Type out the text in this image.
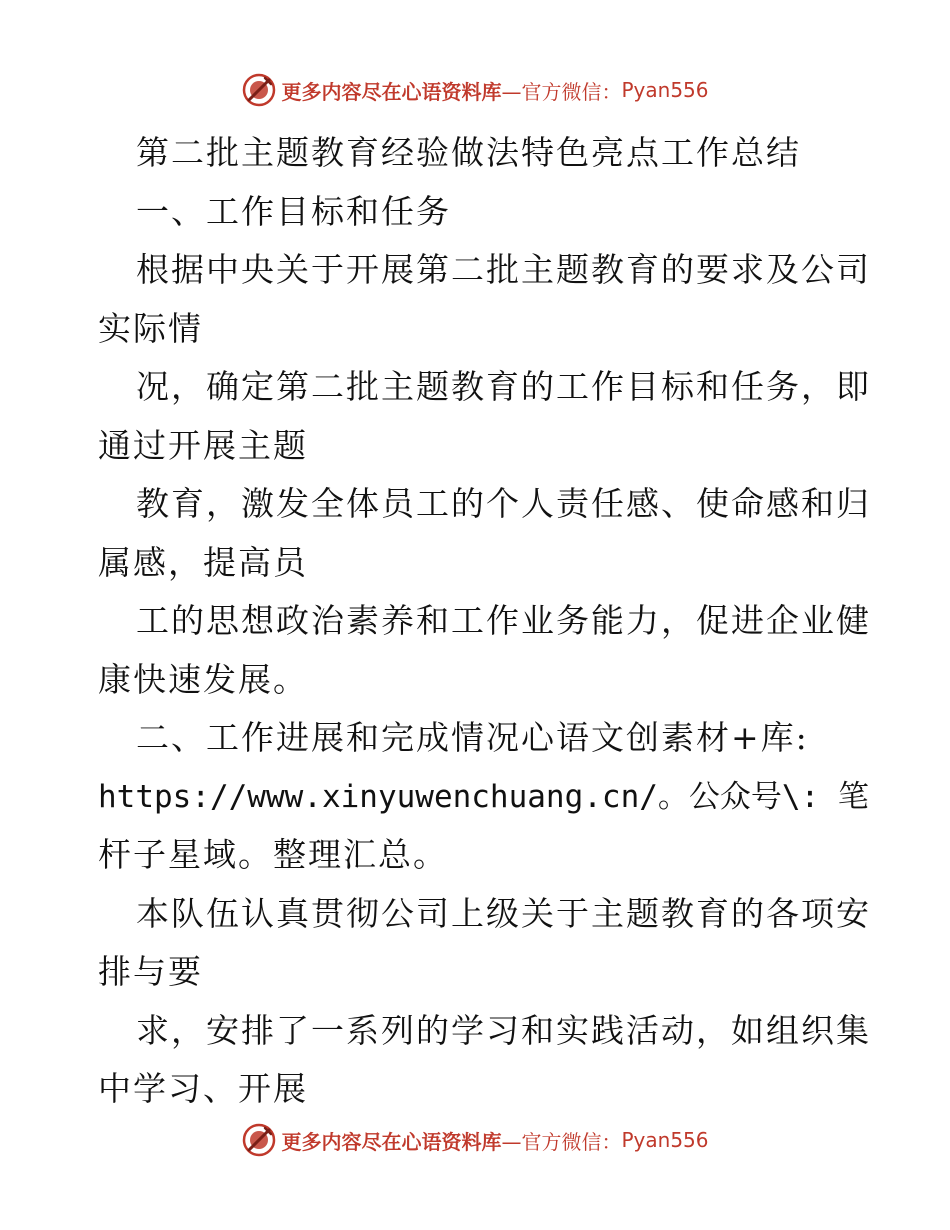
更多内容尽在心语资料库 —官方微信： Pyan556
第二批主题教育经验做法特色亮点工作总结
一、工作目标和任务
根据中央关于开展第二批主题教育的要求及公司
实际情
况，确定第二批主题教育的工作目标和任务，即
通过开展主题
教育，激发全体员工的个人责任感、使命感和归
属感，提高员
工的思想政治素养和工作业务能力，促进企业健
康快速发展。
二、工作进展和完成情况心语文创素材+库:
https://www.xinyuwenchuang.cn/。公众号\: 笔
杆子星域。整理汇总。
本队伍认真贯彻公司上级关于主题教育的各项安
排与要
求，安排了一系列的学习和实践活动，如组织集
中学习、开展
更多内容尽在心语资料库 —官方微信： Pyan556
